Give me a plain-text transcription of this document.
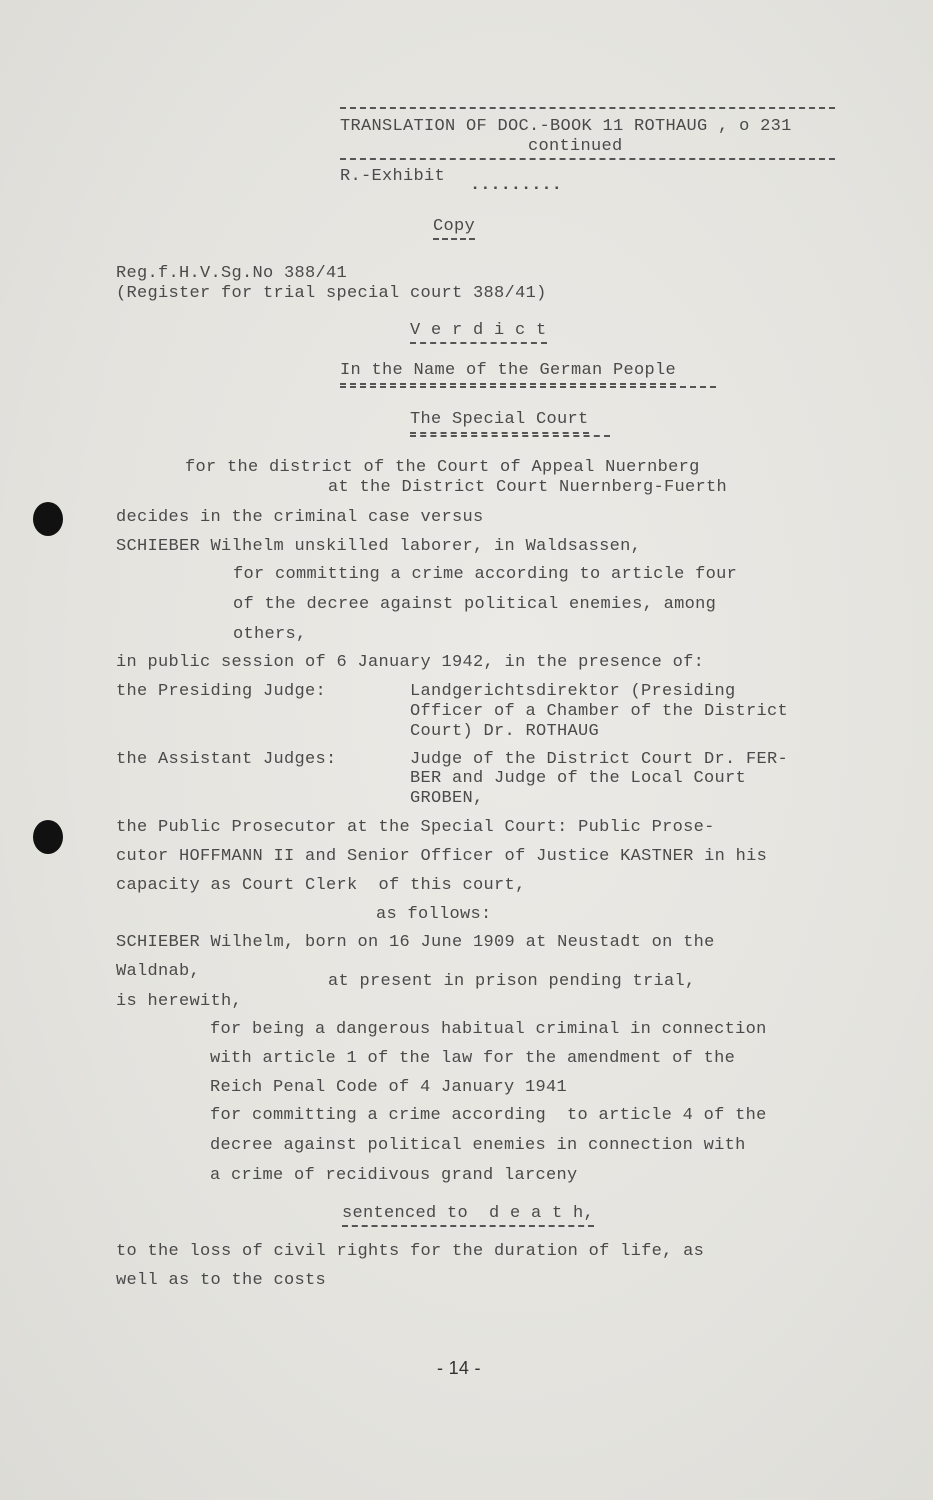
TRANSLATION OF DOC.-BOOK 11 ROTHAUG , o 231
continued
R.-Exhibit .........
Copy
Reg.f.H.V.Sg.No 388/41
(Register for trial special court 388/41)
V e r d i c t
In the Name of the German People
The Special Court
for the district of the Court of Appeal Nuernberg
at the District Court Nuernberg-Fuerth
decides in the criminal case versus
SCHIEBER Wilhelm unskilled laborer, in Waldsassen,
for committing a crime according to article four
of the decree against political enemies, among
others,
in public session of 6 January 1942, in the presence of:
the Presiding Judge:	Landgerichtsdirektor (Presiding
Officer of a Chamber of the District
Court) Dr. ROTHAUG
the Assistant Judges:	Judge of the District Court Dr. FER-
BER and Judge of the Local Court
GROBEN,
the Public Prosecutor at the Special Court: Public Prose-
cutor HOFFMANN II and Senior Officer of Justice KASTNER in his
capacity as Court Clerk  of this court,
as follows:
SCHIEBER Wilhelm, born on 16 June 1909 at Neustadt on the
Waldnab,
at present in prison pending trial,
is herewith,
for being a dangerous habitual criminal in connection
with article 1 of the law for the amendment of the
Reich Penal Code of 4 January 1941
for committing a crime according  to article 4 of the
decree against political enemies in connection with
a crime of recidivous grand larceny
sentenced to  d e a t h,
to the loss of civil rights for the duration of life, as
well as to the costs
- 14 -
